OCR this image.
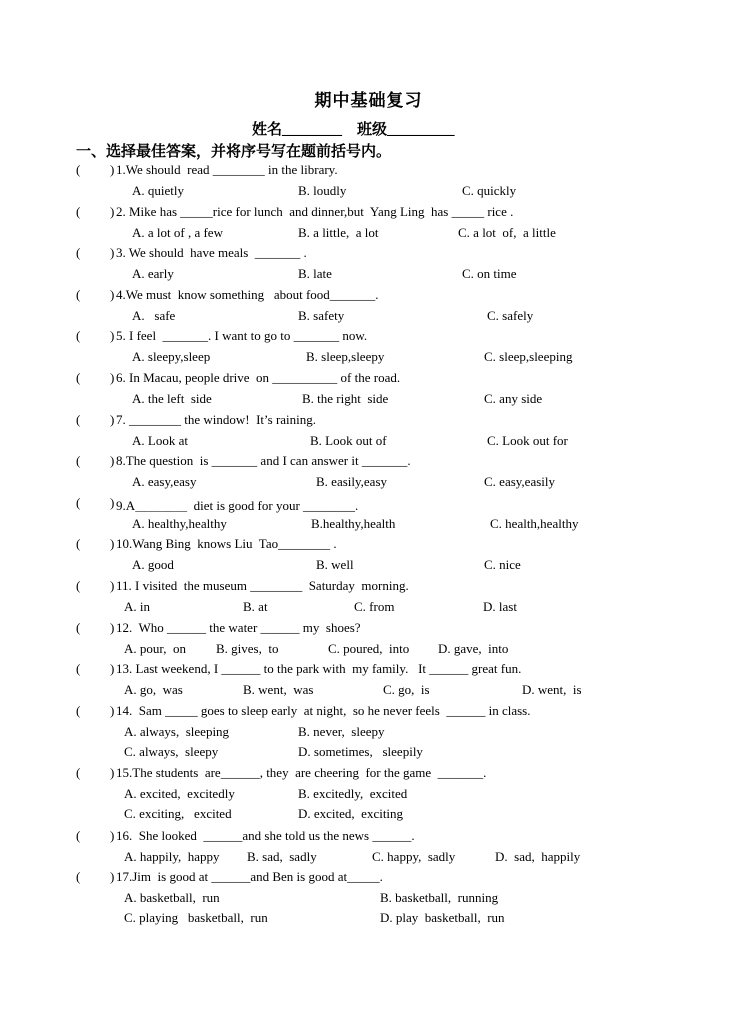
期中基础复习
姓名________    班级_________
一、选择最佳答案，并将序号写在题前括号内。
( ) 1.We should  read ________ in the library.
A. quietly	B. loudly	C. quickly
( ) 2. Mike has _____rice for lunch  and dinner,but  Yang Ling  has _____ rice .
A. a lot of , a few	B. a little,  a lot	C. a lot  of,  a little
( ) 3. We should  have meals  _______ .
A. early	B. late	C. on time
( ) 4.We must  know something   about food_______.
A.   safe	B. safety	C. safely
( ) 5. I feel  _______. I want to go to _______ now.
A. sleepy,sleep	B. sleep,sleepy	C. sleep,sleeping
( ) 6. In Macau, people drive  on __________ of the road.
A. the left  side	B. the right  side	C. any side
( ) 7. ________ the window!  It’s raining.
A. Look at	B. Look out of	C. Look out for
( ) 8.The question  is _______ and I can answer it _______.
A. easy,easy	B. easily,easy	C. easy,easily
( ) 9.A＿＿＿＿  diet is good for your ________.
A. healthy,healthy	B.healthy,health	C. health,healthy
( ) 10.Wang Bing  knows Liu  Tao________ .
A. good	B. well	C. nice
( ) 11. I visited  the museum ________  Saturday  morning.
A. in	B. at	C. from	D. last
( ) 12.  Who ______ the water ______ my  shoes?
A. pour,  on B. gives,  to	C. poured,  into D. gave,  into
( ) 13. Last weekend, I ______ to the park with  my family.   It ______ great fun.
A. go,  was	B. went,  was	C. go,  is	D. went,  is
( ) 14.  Sam _____ goes to sleep early  at night,  so he never feels  ______ in class.
A. always,  sleeping	B. never,  sleepy
C. always,  sleepy	D. sometimes,   sleepily
( ) 15.The students  are______, they  are cheering  for the game  _______.
A. excited,  excitedly	B. excitedly,  excited
C. exciting,   excited	D. excited,  exciting
( ) 16.  She looked  ______and she told us the news ______.
A. happily,  happy B. sad,  sadly	C. happy,  sadly	D.  sad,  happily
( ) 17.Jim  is good at ______and Ben is good at_____.
A. basketball,  run	B. basketball,  running
C. playing   basketball,  run	D. play  basketball,  run
